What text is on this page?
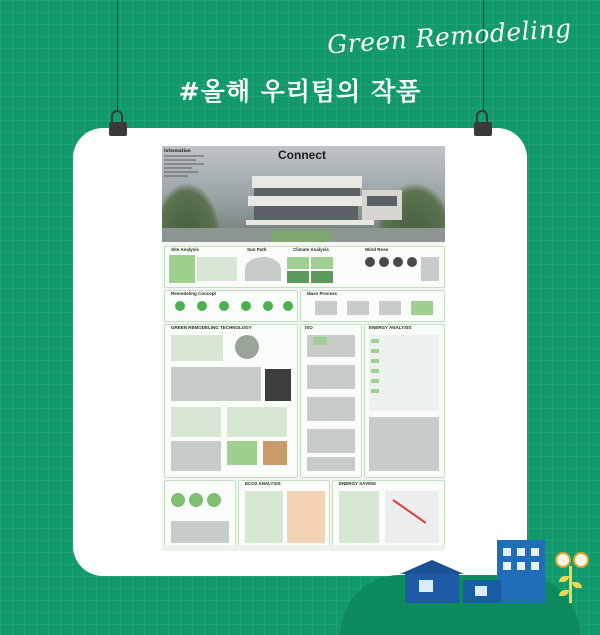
Green Remodeling
#올해 우리팀의 작품
Information	Connect
Site Analysis	Sun Path	Climate Analysis	Wind Rose
Remodeling Concept	Mass Process
GREEN REMODELING TECHNOLOGY	ISO	ENERGY ANALYSIS
ECO2 ANALYSIS	ENERGY SAVING
